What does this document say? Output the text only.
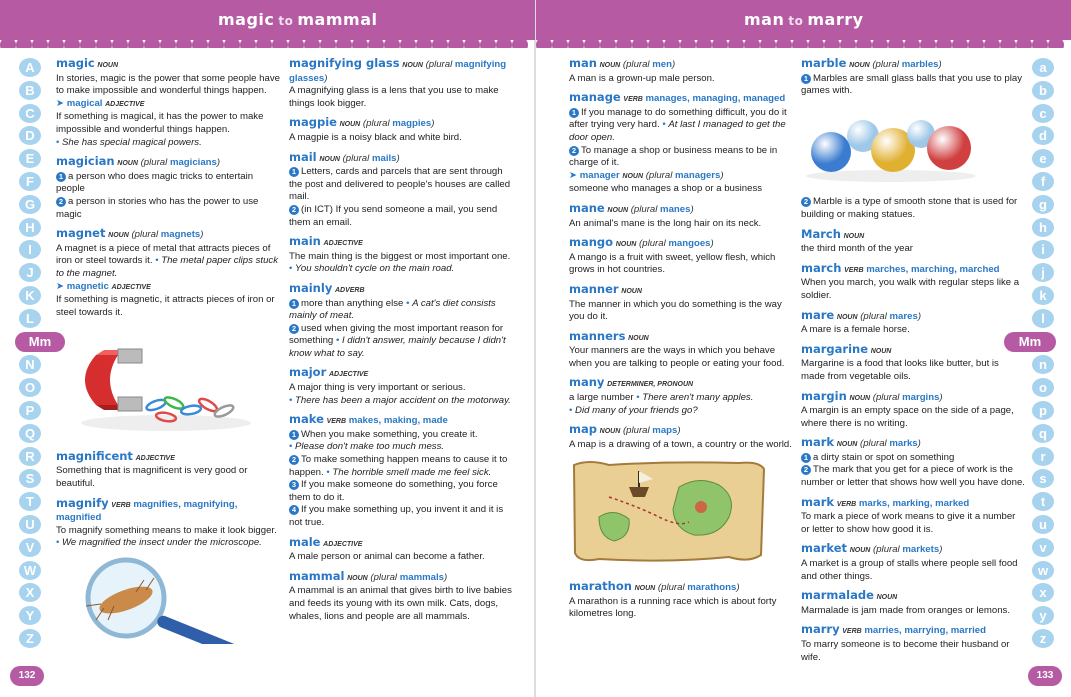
magic to mammal
A
B
C
D
E
F
G
H
I
J
K
L
Mm
N
O
P
Q
R
S
T
U
V
W
X
Y
Z
magic NOUN
In stories, magic is the power that some people have to make impossible and wonderful things happen.
➤ magical ADJECTIVE
If something is magical, it has the power to make impossible and wonderful things happen.
• She has special magical powers.
magician NOUN (plural magicians)
1 a person who does magic tricks to entertain people
2 a person in stories who has the power to use magic
magnet NOUN (plural magnets)
A magnet is a piece of metal that attracts pieces of iron or steel towards it. • The metal paper clips stuck to the magnet.
➤ magnetic ADJECTIVE
If something is magnetic, it attracts pieces of iron or steel towards it.
magnificent ADJECTIVE
Something that is magnificent is very good or beautiful.
magnify VERB magnifies, magnifying, magnified
To magnify something means to make it look bigger. • We magnified the insect under the microscope.
magnifying glass NOUN (plural magnifying glasses)
A magnifying glass is a lens that you use to make things look bigger.
magpie NOUN (plural magpies)
A magpie is a noisy black and white bird.
mail NOUN (plural mails)
1 Letters, cards and parcels that are sent through the post and delivered to people's houses are called mail.
2 (in ICT) If you send someone a mail, you send them an email.
main ADJECTIVE
The main thing is the biggest or most important one. • You shouldn't cycle on the main road.
mainly ADVERB
1 more than anything else • A cat's diet consists mainly of meat.
2 used when giving the most important reason for something • I didn't answer, mainly because I didn't know what to say.
major ADJECTIVE
A major thing is very important or serious.
• There has been a major accident on the motorway.
make VERB makes, making, made
1 When you make something, you create it.
• Please don't make too much mess.
2 To make something happen means to cause it to happen. • The horrible smell made me feel sick.
3 If you make someone do something, you force them to do it.
4 If you make something up, you invent it and it is not true.
male ADJECTIVE
A male person or animal can become a father.
mammal NOUN (plural mammals)
A mammal is an animal that gives birth to live babies and feeds its young with its own milk. Cats, dogs, whales, lions and people are all mammals.
132
man to marry
a
b
c
d
e
f
g
h
i
j
k
l
Mm
n
o
p
q
r
s
t
u
v
w
x
y
z
man NOUN (plural men)
A man is a grown-up male person.
manage VERB manages, managing, managed
1 If you manage to do something difficult, you do it after trying very hard. • At last I managed to get the door open.
2 To manage a shop or business means to be in charge of it.
➤ manager NOUN (plural managers)
someone who manages a shop or a business
mane NOUN (plural manes)
An animal's mane is the long hair on its neck.
mango NOUN (plural mangoes)
A mango is a fruit with sweet, yellow flesh, which grows in hot countries.
manner NOUN
The manner in which you do something is the way you do it.
manners NOUN
Your manners are the ways in which you behave when you are talking to people or eating your food.
many DETERMINER, PRONOUN
a large number • There aren't many apples.
• Did many of your friends go?
map NOUN (plural maps)
A map is a drawing of a town, a country or the world.
marathon NOUN (plural marathons)
A marathon is a running race which is about forty kilometres long.
marble NOUN (plural marbles)
1 Marbles are small glass balls that you use to play games with.
2 Marble is a type of smooth stone that is used for building or making statues.
March NOUN
the third month of the year
march VERB marches, marching, marched
When you march, you walk with regular steps like a soldier.
mare NOUN (plural mares)
A mare is a female horse.
margarine NOUN
Margarine is a food that looks like butter, but is made from vegetable oils.
margin NOUN (plural margins)
A margin is an empty space on the side of a page, where there is no writing.
mark NOUN (plural marks)
1 a dirty stain or spot on something
2 The mark that you get for a piece of work is the number or letter that shows how well you have done.
mark VERB marks, marking, marked
To mark a piece of work means to give it a number or letter to show how good it is.
market NOUN (plural markets)
A market is a group of stalls where people sell food and other things.
marmalade NOUN
Marmalade is jam made from oranges or lemons.
marry VERB marries, marrying, married
To marry someone is to become their husband or wife.
133
